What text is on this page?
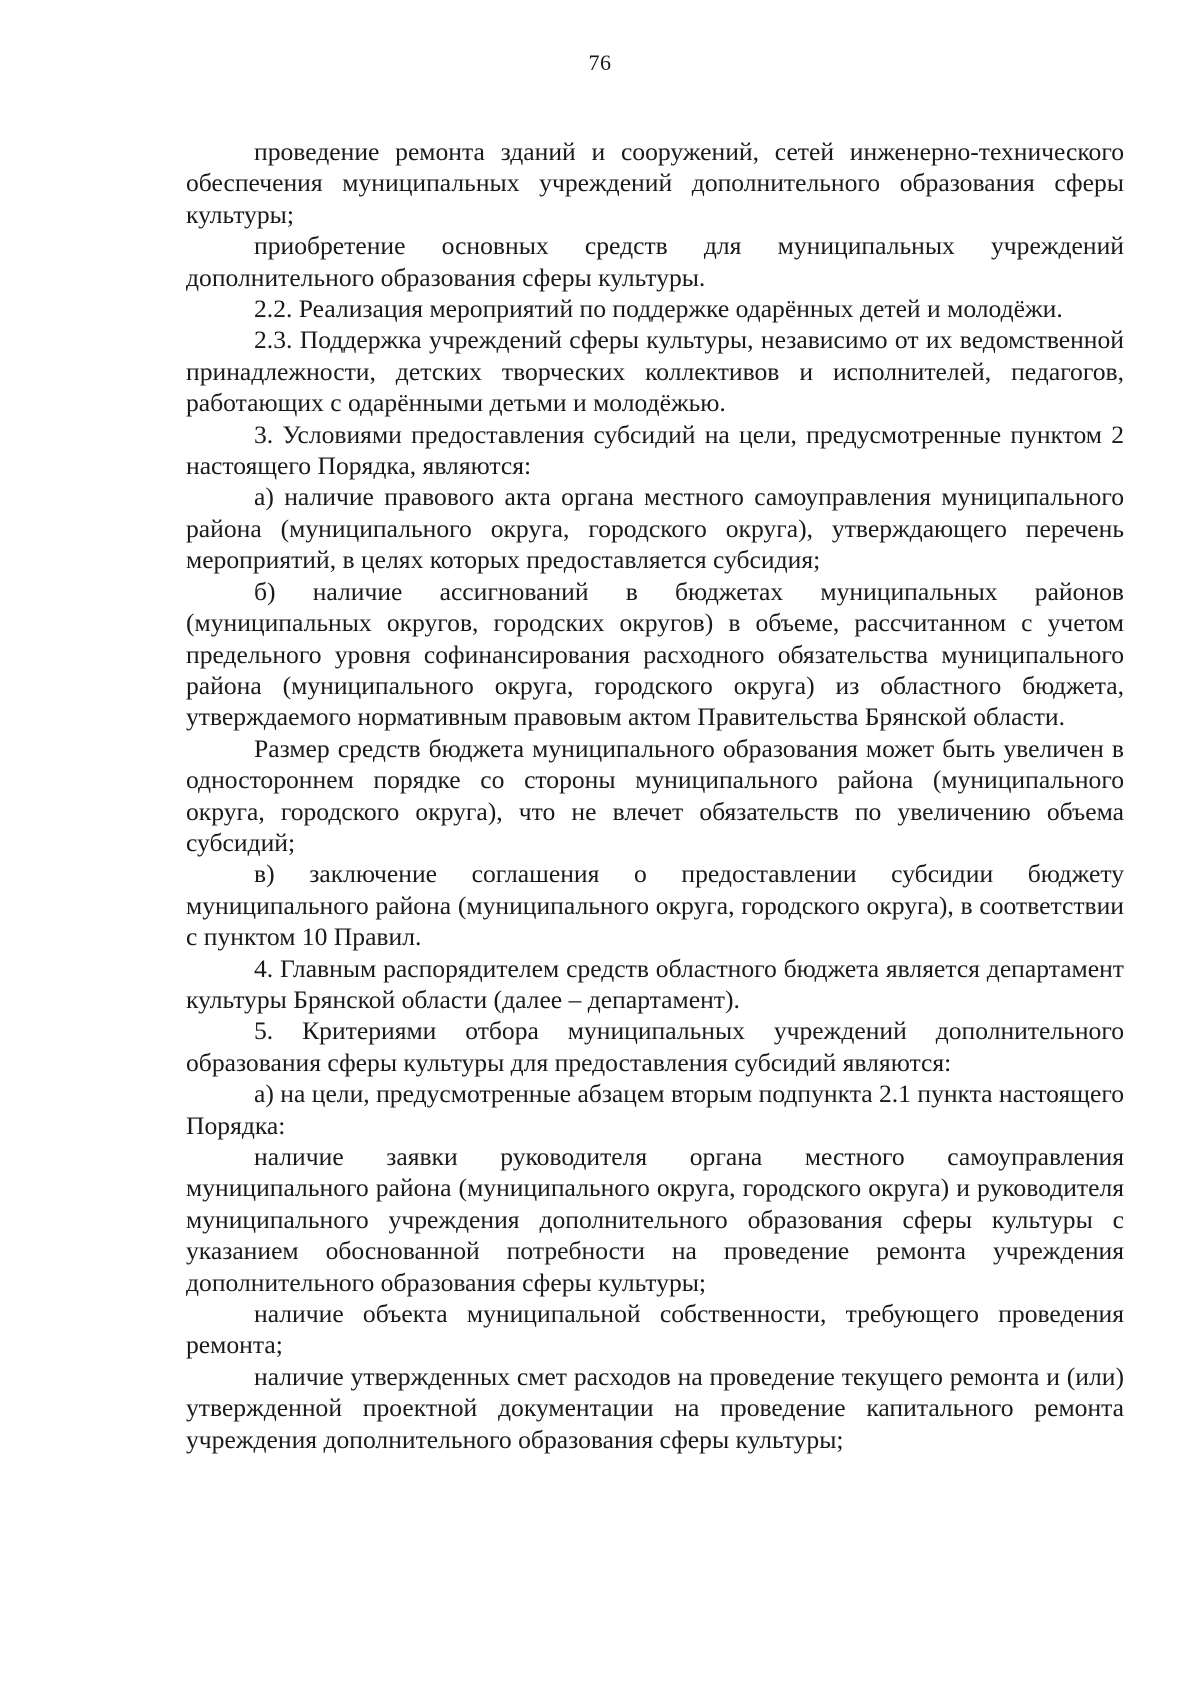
76

проведение ремонта зданий и сооружений, сетей инженерно-технического обеспечения муниципальных учреждений дополнительного образования сферы культуры;

приобретение основных средств для муниципальных учреждений дополнительного образования сферы культуры.

2.2. Реализация мероприятий по поддержке одарённых детей и молодёжи.

2.3. Поддержка учреждений сферы культуры, независимо от их ведомственной принадлежности, детских творческих коллективов и исполнителей, педагогов, работающих с одарёнными детьми и молодёжью.

3. Условиями предоставления субсидий на цели, предусмотренные пунктом 2 настоящего Порядка, являются:

а) наличие правового акта органа местного самоуправления муниципального района (муниципального округа, городского округа), утверждающего перечень мероприятий, в целях которых предоставляется субсидия;

б) наличие ассигнований в бюджетах муниципальных районов (муниципальных округов, городских округов) в объеме, рассчитанном с учетом предельного уровня софинансирования расходного обязательства муниципального района (муниципального округа, городского округа) из областного бюджета, утверждаемого нормативным правовым актом Правительства Брянской области.

Размер средств бюджета муниципального образования может быть увеличен в одностороннем порядке со стороны муниципального района (муниципального округа, городского округа), что не влечет обязательств по увеличению объема субсидий;

в) заключение соглашения о предоставлении субсидии бюджету муниципального района (муниципального округа, городского округа), в соответствии с пунктом 10 Правил.

4. Главным распорядителем средств областного бюджета является департамент культуры Брянской области (далее – департамент).

5. Критериями отбора муниципальных учреждений дополнительного образования сферы культуры для предоставления субсидий являются:

а) на цели, предусмотренные абзацем вторым подпункта 2.1 пункта настоящего Порядка:

наличие заявки руководителя органа местного самоуправления муниципального района (муниципального округа, городского округа) и руководителя муниципального учреждения дополнительного образования сферы культуры с указанием обоснованной потребности на проведение ремонта учреждения дополнительного образования сферы культуры;

наличие объекта муниципальной собственности, требующего проведения ремонта;

наличие утвержденных смет расходов на проведение текущего ремонта и (или) утвержденной проектной документации на проведение капитального ремонта учреждения дополнительного образования сферы культуры;
